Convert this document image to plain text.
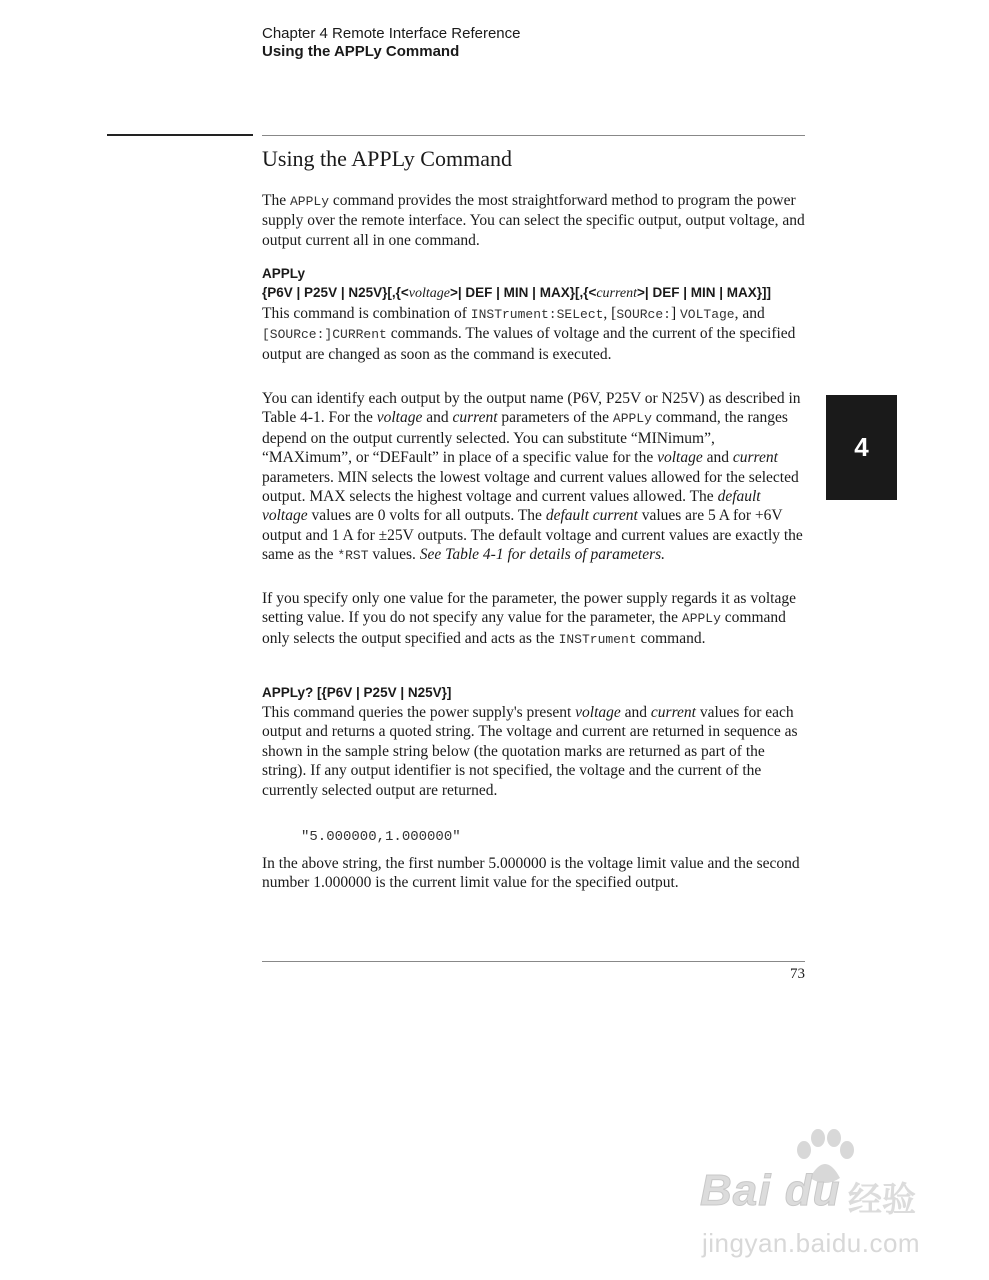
Chapter 4 Remote Interface Reference
Using the APPLy Command
Using the APPLy Command

The APPLy command provides the most straightforward method to program the power supply over the remote interface. You can select the specific output, output voltage, and output current all in one command.

APPLy
{P6V | P25V | N25V}[,{<voltage>| DEF | MIN | MAX}[,{<current>| DEF | MIN | MAX}]]

This command is combination of INSTrument:SELect, [SOURce:] VOLTage, and [SOURce:]CURRent commands. The values of voltage and the current of the specified output are changed as soon as the command is executed.

You can identify each output by the output name (P6V, P25V or N25V) as described in Table 4-1. For the voltage and current parameters of the APPLy command, the ranges depend on the output currently selected. You can substitute “MINimum”, “MAXimum”, or “DEFault” in place of a specific value for the voltage and current parameters. MIN selects the lowest voltage and current values allowed for the selected output. MAX selects the highest voltage and current values allowed. The default voltage values are 0 volts for all outputs. The default current values are 5 A for +6V output and 1 A for ±25V outputs. The default voltage and current values are exactly the same as the *RST values. See Table 4-1 for details of parameters.

If you specify only one value for the parameter, the power supply regards it as voltage setting value. If you do not specify any value for the parameter, the APPLy command only selects the output specified and acts as the INSTrument command.

APPLy? [{P6V | P25V | N25V}]

This command queries the power supply's present voltage and current values for each output and returns a quoted string. The voltage and current are returned in sequence as shown in the sample string below (the quotation marks are returned as part of the string). If any output identifier is not specified, the voltage and the current of the currently selected output are returned.

"5.000000,1.000000"

In the above string, the first number 5.000000 is the voltage limit value and the second number 1.000000 is the current limit value for the specified output.

4
73
Bai du 经验
jingyan.baidu.com
